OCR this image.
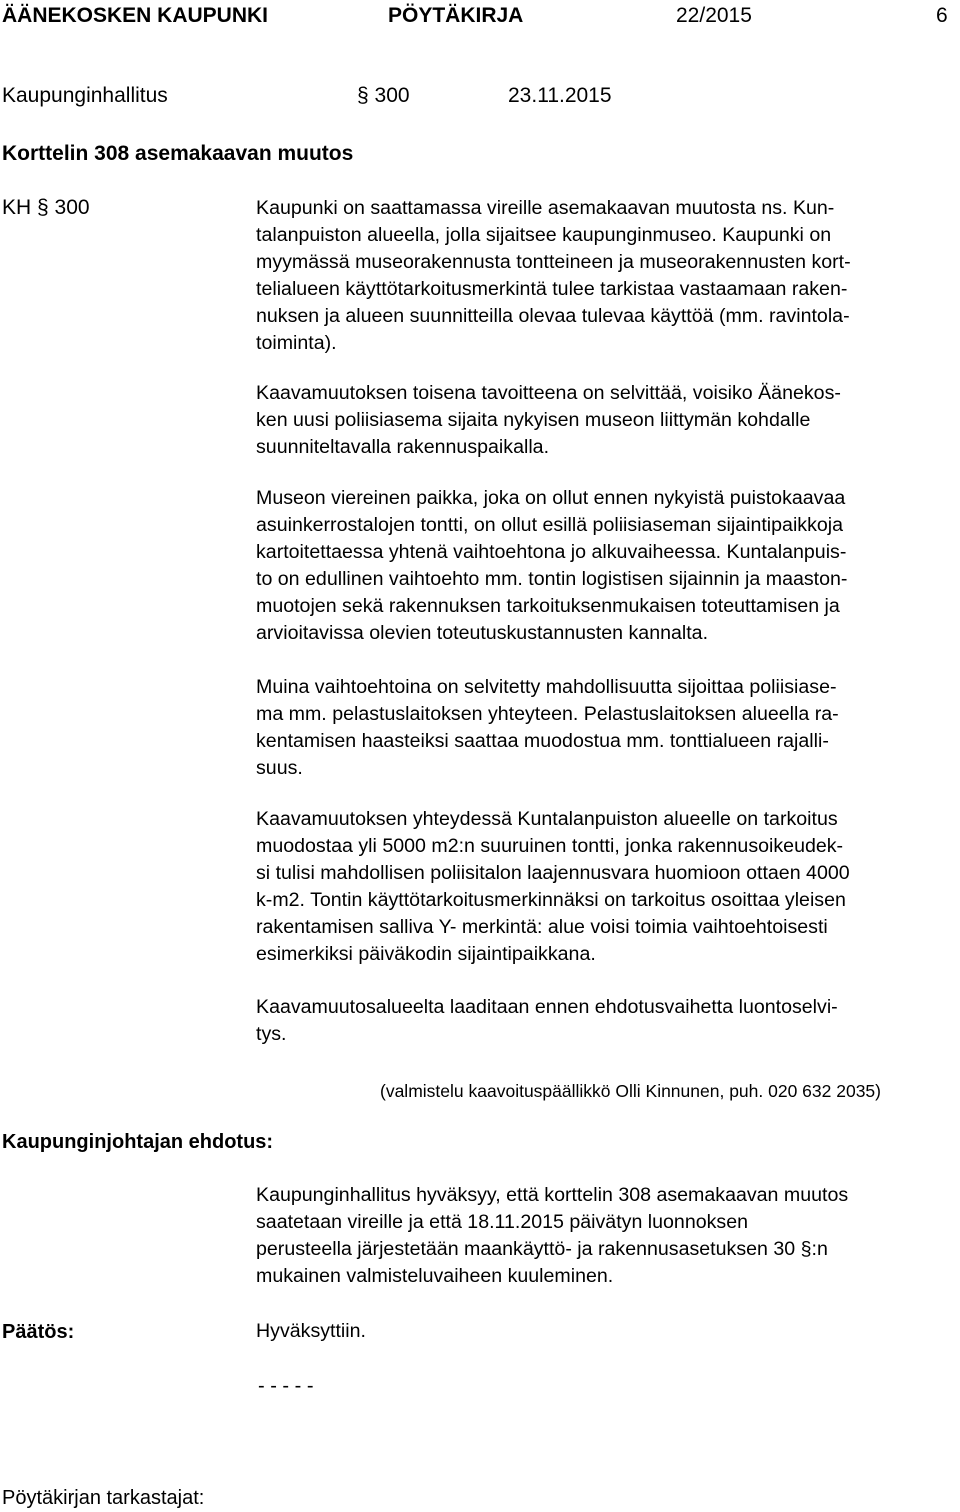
ÄÄNEKOSKEN KAUPUNKI	PÖYTÄKIRJA	22/2015	6
Kaupunginhallitus	§ 300	23.11.2015
Korttelin 308 asemakaavan muutos
KH § 300	Kaupunki on saattamassa vireille asemakaavan muutosta ns. Kun-
talanpuiston alueella, jolla sijaitsee kaupunginmuseo. Kaupunki on
myymässä museorakennusta tontteineen ja museorakennusten kort-
telialueen käyttötarkoitusmerkintä tulee tarkistaa vastaamaan raken-
nuksen ja alueen suunnitteilla olevaa tulevaa käyttöä (mm. ravintola-
toiminta).
Kaavamuutoksen toisena tavoitteena on selvittää, voisiko Äänekos-
ken uusi poliisiasema sijaita nykyisen museon liittymän kohdalle
suunniteltavalla rakennuspaikalla.
Museon viereinen paikka, joka on ollut ennen nykyistä puistokaavaa
asuinkerrostalojen tontti, on ollut esillä poliisiaseman sijaintipaikkoja
kartoitettaessa yhtenä vaihtoehtona jo alkuvaiheessa. Kuntalanpuis-
to on edullinen vaihtoehto mm. tontin logistisen sijainnin ja maaston-
muotojen sekä rakennuksen tarkoituksenmukaisen toteuttamisen ja
arvioitavissa olevien toteutuskustannusten kannalta.
Muina vaihtoehtoina on selvitetty mahdollisuutta sijoittaa poliisiase-
ma mm. pelastuslaitoksen yhteyteen. Pelastuslaitoksen alueella ra-
kentamisen haasteiksi saattaa muodostua mm. tonttialueen rajalli-
suus.
Kaavamuutoksen yhteydessä Kuntalanpuiston alueelle on tarkoitus
muodostaa yli 5000 m2:n suuruinen tontti, jonka rakennusoikeudek-
si tulisi mahdollisen poliisitalon laajennusvara huomioon ottaen 4000
k-m2. Tontin käyttötarkoitusmerkinnäksi on tarkoitus osoittaa yleisen
rakentamisen salliva Y- merkintä: alue voisi toimia vaihtoehtoisesti
esimerkiksi päiväkodin sijaintipaikkana.
Kaavamuutosalueelta laaditaan ennen ehdotusvaihetta luontoselvi-
tys.
(valmistelu kaavoituspäällikkö Olli Kinnunen, puh. 020 632 2035)
Kaupunginjohtajan ehdotus:
Kaupunginhallitus hyväksyy, että korttelin 308 asemakaavan muutos
saatetaan vireille ja että 18.11.2015 päivätyn luonnoksen
perusteella järjestetään maankäyttö- ja rakennusasetuksen 30 §:n
mukainen valmisteluvaiheen kuuleminen.
Päätös:	Hyväksyttiin.
- - - - -
Pöytäkirjan tarkastajat:
